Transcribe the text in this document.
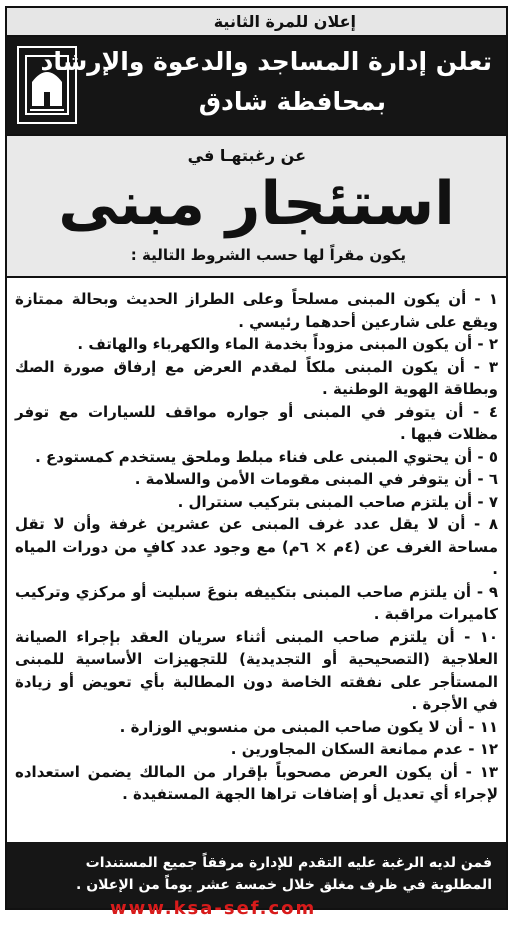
إعلان للمرة الثانية
تعلن إدارة المساجد والدعوة والإرشاد
بمحافظة شادق
عن رغبتهـا في
استئجار مبنى
يكون مقراً لها حسب الشروط التالية :
١ - أن يكون المبنى مسلحاً وعلى الطراز الحديث وبحالة ممتازة ويقع على شارعين أحدهما رئيسي .
٢ - أن يكون المبنى مزوداً بخدمة الماء والكهرباء والهاتف .
٣ - أن يكون المبنى ملكاً لمقدم العرض مع إرفاق صورة الصك وبطاقة الهوية الوطنية .
٤ - أن يتوفر في المبنى أو جواره مواقف للسيارات مع توفر مظلات فيها .
٥ - أن يحتوي المبنى على فناء مبلط وملحق يستخدم كمستودع .
٦ - أن يتوفر في المبنى مقومات الأمن والسلامة .
٧ - أن يلتزم صاحب المبنى بتركيب سنترال .
٨ - أن لا يقل عدد غرف المبنى عن عشرين غرفة وأن لا تقل مساحة الغرف عن (٤م × ٦م) مع وجود عدد كافٍ من دورات المياه .
٩ - أن يلتزم صاحب المبنى بتكييفه بنوعَ سبليت أو مركزي وتركيب كاميرات مراقبة .
١٠ - أن يلتزم صاحب المبنى أثناء سريان العقد بإجراء الصيانة العلاجية (التصحيحية أو التجديدية) للتجهيزات الأساسية للمبنى المستأجر على نفقته الخاصة دون المطالبة بأي تعويض أو زيادة في الأجرة .
١١ - أن لا يكون صاحب المبنى من منسوبي الوزارة .
١٢ - عدم ممانعة السكان المجاورين .
١٣ - أن يكون العرض مصحوباً بإقرار من المالك يضمن استعداده لإجراء أي تعديل أو إضافات تراها الجهة المستفيدة .
فمن لديه الرغبة عليه التقدم للإدارة مرفقاً جميع المستندات المطلوبة في ظرف مغلق خلال خمسة عشر يوماً من الإعلان .
www.ksa-sef.com
